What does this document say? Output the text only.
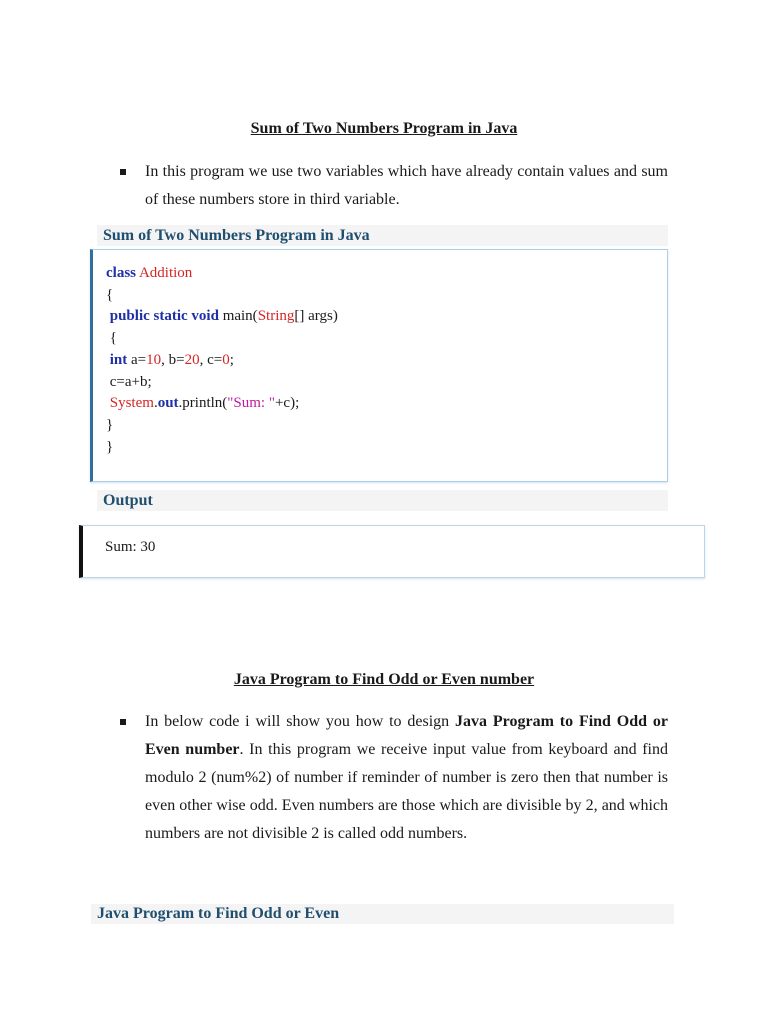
Sum of Two Numbers Program in Java
In this program we use two variables which have already contain values and sum of these numbers store in third variable.
Sum of Two Numbers Program in Java
class Addition
{
public static void main(String[] args)
{
int a=10, b=20, c=0;
c=a+b;
System.out.println("Sum: "+c);
}
}
Output
Sum: 30
Java Program to Find Odd or Even number
In below code i will show you how to design Java Program to Find Odd or Even number. In this program we receive input value from keyboard and find modulo 2 (num%2) of number if reminder of number is zero then that number is even other wise odd. Even numbers are those which are divisible by 2, and which numbers are not divisible 2 is called odd numbers.
Java Program to Find Odd or Even
